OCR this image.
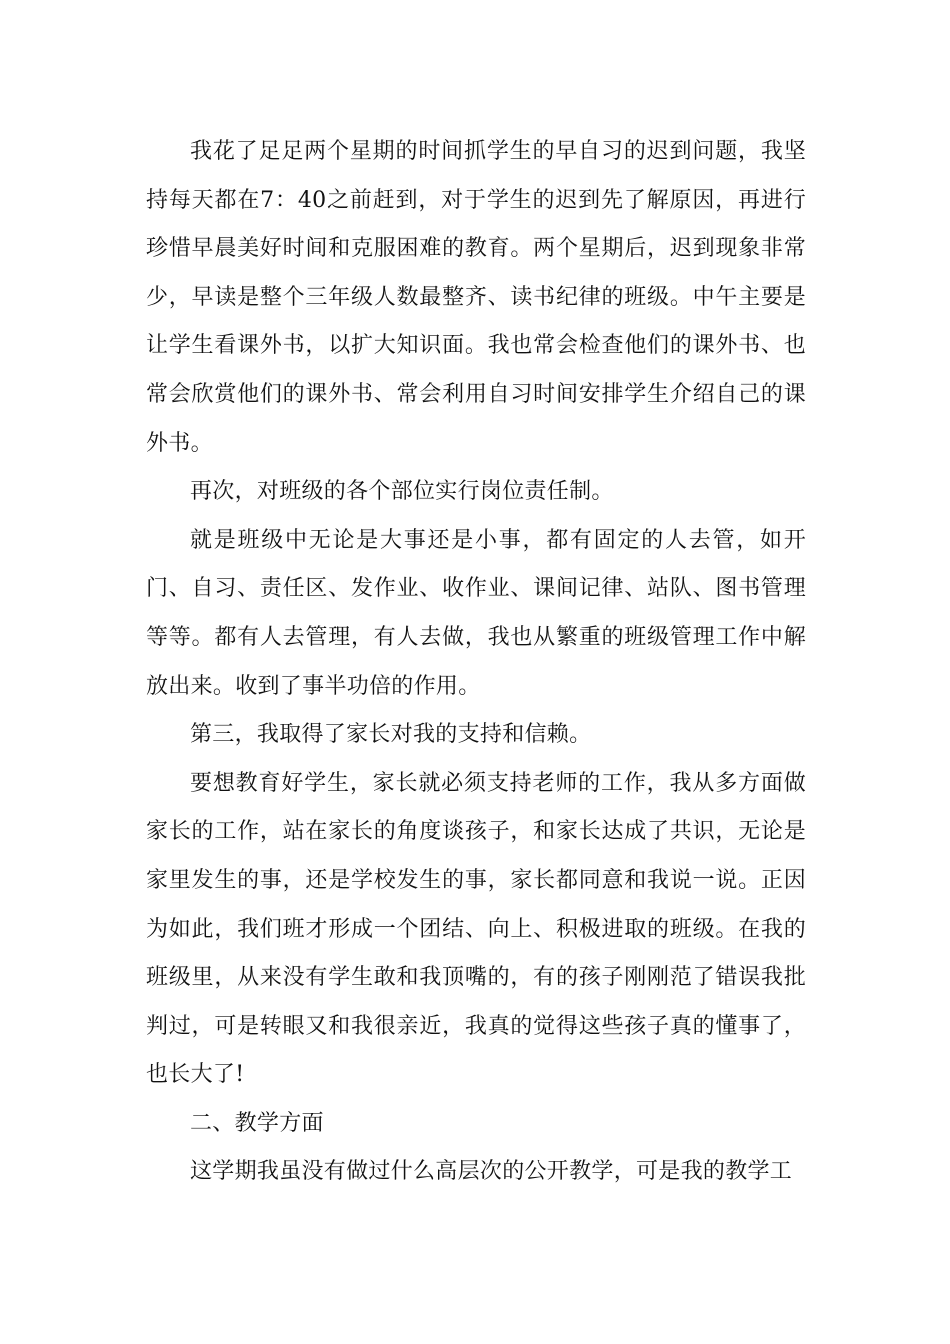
我花了足足两个星期的时间抓学生的早自习的迟到问题，我坚持每天都在7：40之前赶到，对于学生的迟到先了解原因，再进行珍惜早晨美好时间和克服困难的教育。两个星期后，迟到现象非常少，早读是整个三年级人数最整齐、读书纪律的班级。中午主要是让学生看课外书，以扩大知识面。我也常会检查他们的课外书、也常会欣赏他们的课外书、常会利用自习时间安排学生介绍自己的课外书。

再次，对班级的各个部位实行岗位责任制。

就是班级中无论是大事还是小事，都有固定的人去管，如开门、自习、责任区、发作业、收作业、课间记律、站队、图书管理等等。都有人去管理，有人去做，我也从繁重的班级管理工作中解放出来。收到了事半功倍的作用。

第三，我取得了家长对我的支持和信赖。

要想教育好学生，家长就必须支持老师的工作，我从多方面做家长的工作，站在家长的角度谈孩子，和家长达成了共识，无论是家里发生的事，还是学校发生的事，家长都同意和我说一说。正因为如此，我们班才形成一个团结、向上、积极进取的班级。在我的班级里，从来没有学生敢和我顶嘴的，有的孩子刚刚范了错误我批判过，可是转眼又和我很亲近，我真的觉得这些孩子真的懂事了，也长大了!

二、教学方面

这学期我虽没有做过什么高层次的公开教学，可是我的教学工
